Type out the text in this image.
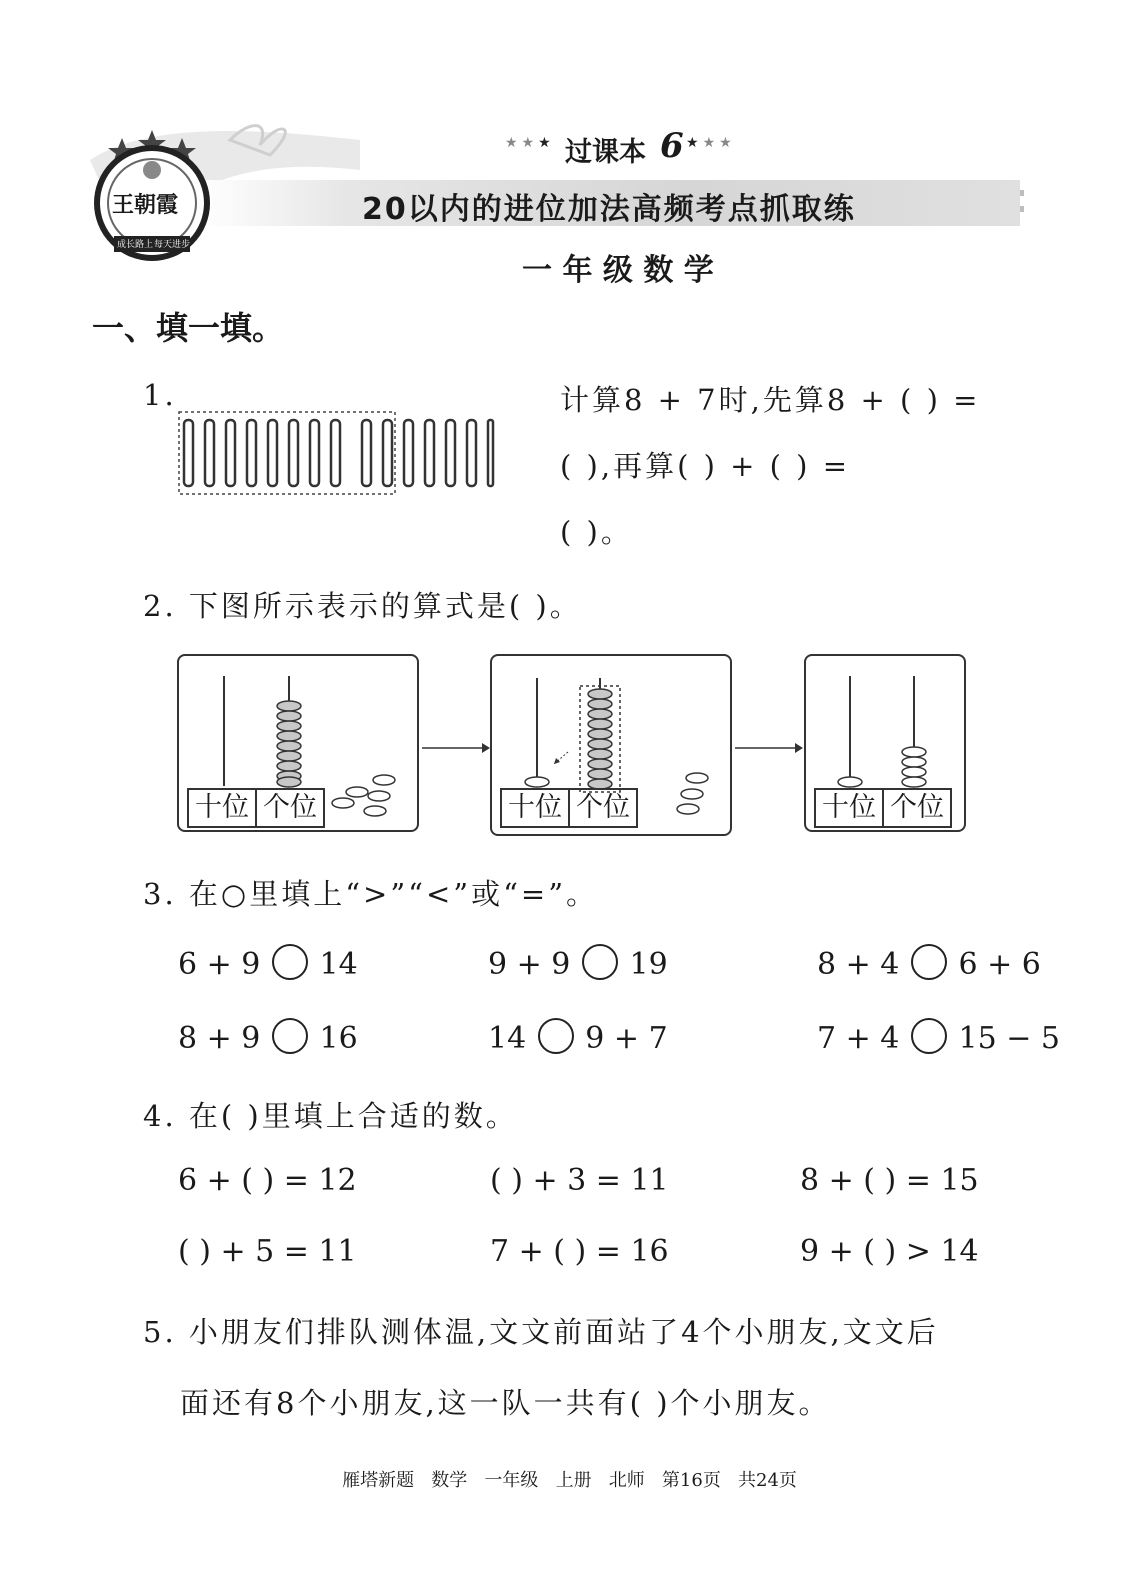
王朝霞
成长路上 每天进步
★★★ 过课本 6 ★★★
20以内的进位加法高频考点抓取练
一 年 级 数 学
一、填一填。
1.	计算8 + 7时,先算8 + ( ) =
( ),再算( ) + ( ) =
( )。
2. 下图所示表示的算式是( )。
十位 个位	十位 个位	十位 个位
3. 在○里填上“>”“<”或“=”。
6 + 9 14	9 + 9 19	8 + 4 6 + 6
8 + 9 16	14 9 + 7	7 + 4 15 − 5
4. 在( )里填上合适的数。
6 + ( ) = 12	( ) + 3 = 11	8 + ( ) = 15
( ) + 5 = 11	7 + ( ) = 16	9 + ( ) > 14
5. 小朋友们排队测体温,文文前面站了4个小朋友,文文后
面还有8个小朋友,这一队一共有( )个小朋友。
雁塔新题   数学   一年级   上册   北师   第16页   共24页
